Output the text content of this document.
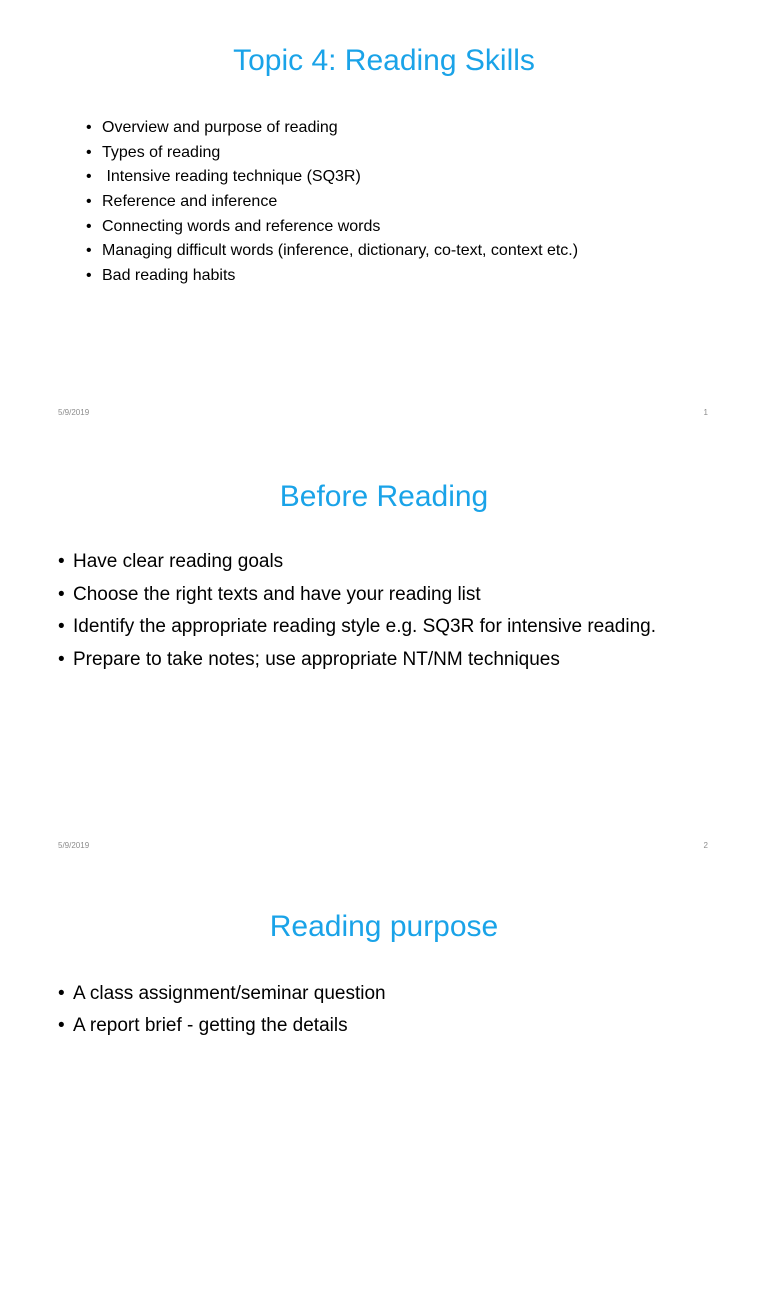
Topic 4: Reading Skills
• Overview and purpose of reading
• Types of reading
• Intensive reading technique (SQ3R)
• Reference and inference
• Connecting words and reference words
• Managing difficult words (inference, dictionary, co-text, context etc.)
• Bad reading habits
5/9/2019	1
Before Reading
• Have clear reading goals
• Choose the right texts and have your reading list
• Identify the appropriate reading style e.g. SQ3R for intensive reading.
• Prepare to take notes; use appropriate NT/NM techniques
5/9/2019	2
Reading purpose
• A class assignment/seminar question
• A report brief - getting the details
